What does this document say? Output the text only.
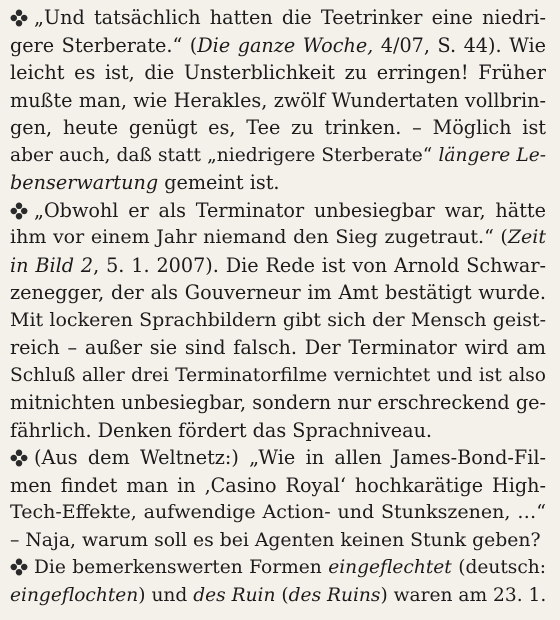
„Und tatsächlich hatten die Teetrinker eine niedri-
gere Sterberate.“ (Die ganze Woche, 4/07, S. 44). Wie
leicht es ist, die Unsterblichkeit zu erringen! Früher
mußte man, wie Herakles, zwölf Wundertaten vollbrin-
gen, heute genügt es, Tee zu trinken. – Möglich ist
aber auch, daß statt „niedrigere Sterberate“ längere Le-
benserwartung gemeint ist.
„Obwohl er als Terminator unbesiegbar war, hätte
ihm vor einem Jahr niemand den Sieg zugetraut.“ (Zeit
in Bild 2, 5. 1. 2007). Die Rede ist von Arnold Schwar-
zenegger, der als Gouverneur im Amt bestätigt wurde.
Mit lockeren Sprachbildern gibt sich der Mensch geist-
reich – außer sie sind falsch. Der Terminator wird am
Schluß aller drei Terminatorfilme vernichtet und ist also
mitnichten unbesiegbar, sondern nur erschreckend ge-
fährlich. Denken fördert das Sprachniveau.
(Aus dem Weltnetz:) „Wie in allen James-Bond-Fil-
men findet man in ‚Casino Royal‘ hochkarätige High-
Tech-Effekte, aufwendige Action- und Stunkszenen, …“
– Naja, warum soll es bei Agenten keinen Stunk geben?
Die bemerkenswerten Formen eingeflechtet (deutsch:
eingeflochten) und des Ruin (des Ruins) waren am 23. 1.
